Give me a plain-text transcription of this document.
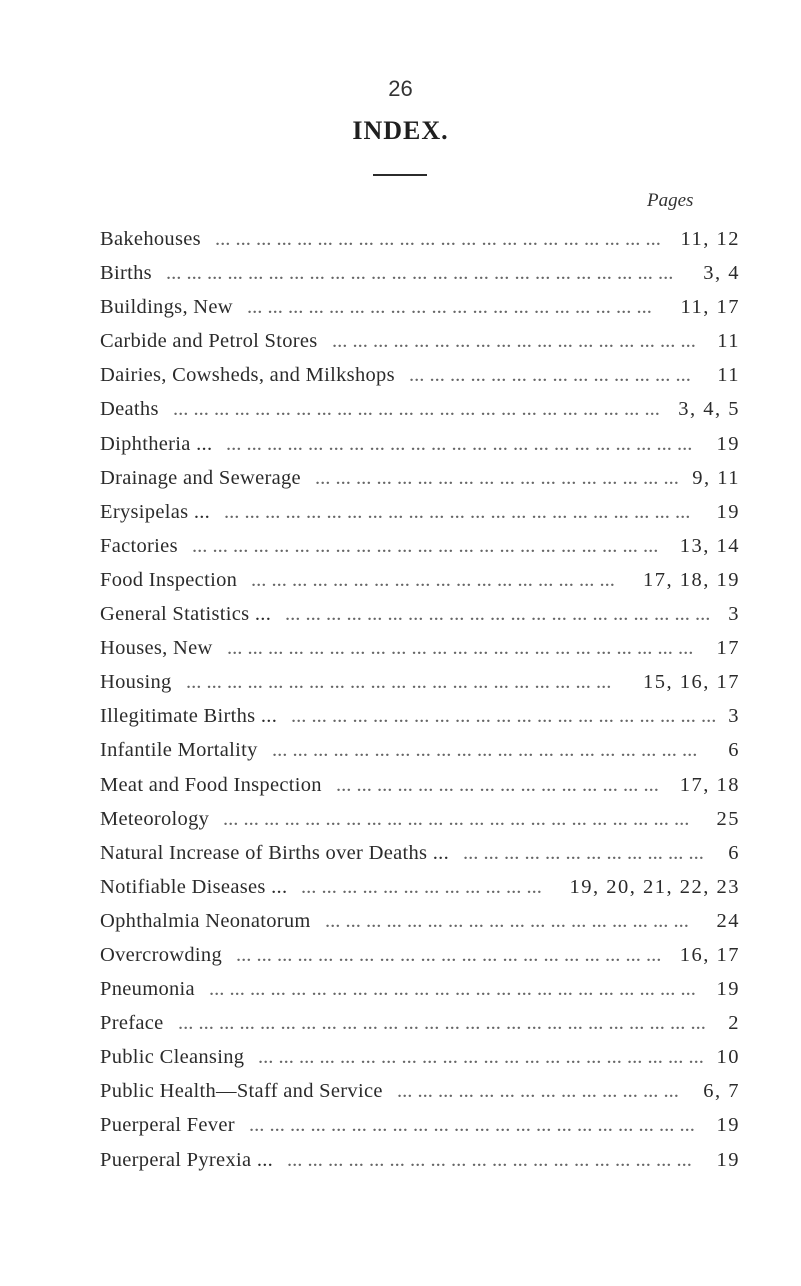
26
INDEX.
Pages
Bakehouses ... ... ... ... ... ... ... ... ... ... ... ... ... ... ... ... ... ... ... ... ... ... 11, 12
Births ... ... ... ... ... ... ... ... ... ... ... ... ... ... ... ... ... ... ... ... ... ... ... ... ...	3, 4
Buildings, New ... ... ... ... ... ... ... ... ... ... ... ... ... ... ... ... ... ... ... ...	11, 17
Carbide and Petrol Stores ... ... ... ... ... ... ... ... ... ... ... ... ... ... ... ... ... ...	11
Dairies, Cowsheds, and Milkshops ... ... ... ... ... ... ... ... ... ... ... ... ... ...	11
Deaths ... ... ... ... ... ... ... ... ... ... ... ... ... ... ... ... ... ... ... ... ... ... ... ... 3, 4, 5
Diphtheria ... ... ... ... ... ... ... ... ... ... ... ... ... ... ... ... ... ... ... ... ... ... ... ...	19
Drainage and Sewerage ... ... ... ... ... ... ... ... ... ... ... ... ... ... ... ... ... ... 9, 11
Erysipelas ... ... ... ... ... ... ... ... ... ... ... ... ... ... ... ... ... ... ... ... ... ... ... ...	19
Factories ... ... ... ... ... ... ... ... ... ... ... ... ... ... ... ... ... ... ... ... ... ... ...	13, 14
Food Inspection ... ... ... ... ... ... ... ... ... ... ... ... ... ... ... ... ... ...	17, 18, 19
General Statistics ... ... ... ... ... ... ... ... ... ... ... ... ... ... ... ... ... ... ... ... ... ... 3
Houses, New ... ... ... ... ... ... ... ... ... ... ... ... ... ... ... ... ... ... ... ... ... ... ...	17
Housing ... ... ... ... ... ... ... ... ... ... ... ... ... ... ... ... ... ... ... ... ...	15, 16, 17
Illegitimate Births ... ... ... ... ... ... ... ... ... ... ... ... ... ... ... ... ... ... ... ... ... ... 3
Infantile Mortality ... ... ... ... ... ... ... ... ... ... ... ... ... ... ... ... ... ... ... ... ...	6
Meat and Food Inspection ... ... ... ... ... ... ... ... ... ... ... ... ... ... ... ...	17, 18
Meteorology ... ... ... ... ... ... ... ... ... ... ... ... ... ... ... ... ... ... ... ... ... ... ...	25
Natural Increase of Births over Deaths ... ... ... ... ... ... ... ... ... ... ... ... ...	6
Notifiable Diseases ... ... ... ... ... ... ... ... ... ... ... ... ...	19, 20, 21, 22, 23
Ophthalmia Neonatorum ... ... ... ... ... ... ... ... ... ... ... ... ... ... ... ... ... ...	24
Overcrowding ... ... ... ... ... ... ... ... ... ... ... ... ... ... ... ... ... ... ... ... ... 16, 17
Pneumonia ... ... ... ... ... ... ... ... ... ... ... ... ... ... ... ... ... ... ... ... ... ... ... ...	19
Preface ... ... ... ... ... ... ... ... ... ... ... ... ... ... ... ... ... ... ... ... ... ... ... ... ... ...	2
Public Cleansing ... ... ... ... ... ... ... ... ... ... ... ... ... ... ... ... ... ... ... ... ... ... 10
Public Health—Staff and Service ... ... ... ... ... ... ... ... ... ... ... ... ... ...	6, 7
Puerperal Fever ... ... ... ... ... ... ... ... ... ... ... ... ... ... ... ... ... ... ... ... ... ...	19
Puerperal Pyrexia ... ... ... ... ... ... ... ... ... ... ... ... ... ... ... ... ... ... ... ... ...	19
